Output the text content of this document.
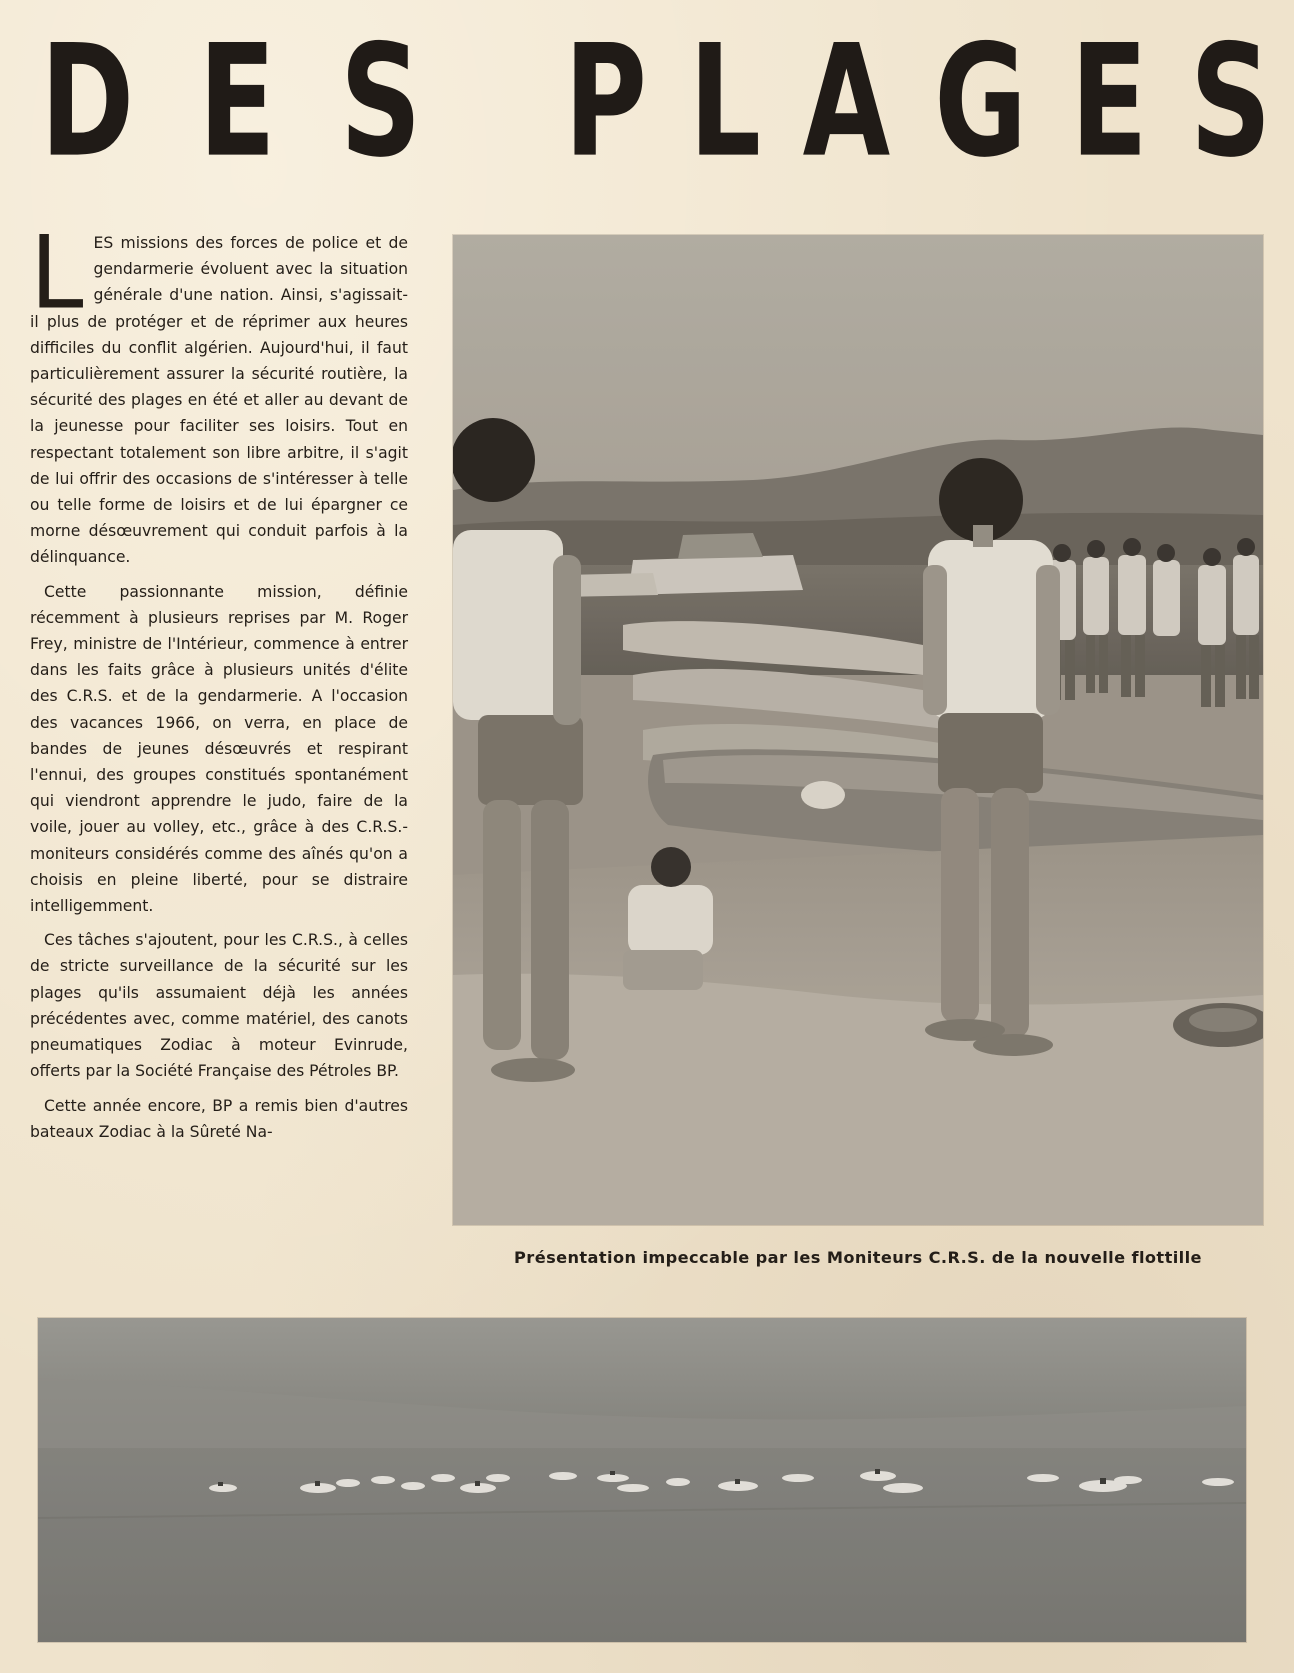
D E S P L A G E S

LES missions des forces de police et de gendarmerie évoluent avec la situation générale d'une nation. Ainsi, s'agissait-il plus de protéger et de réprimer aux heures difficiles du conflit algérien. Aujourd'hui, il faut particulièrement assurer la sécurité routière, la sécurité des plages en été et aller au devant de la jeunesse pour faciliter ses loisirs. Tout en respectant totalement son libre arbitre, il s'agit de lui offrir des occasions de s'intéresser à telle ou telle forme de loisirs et de lui épargner ce morne désœuvrement qui conduit parfois à la délinquance.

Cette passionnante mission, définie récemment à plusieurs reprises par M. Roger Frey, ministre de l'Intérieur, commence à entrer dans les faits grâce à plusieurs unités d'élite des C.R.S. et de la gendarmerie. A l'occasion des vacances 1966, on verra, en place de bandes de jeunes désœuvrés et respirant l'ennui, des groupes constitués spontanément qui viendront apprendre le judo, faire de la voile, jouer au volley, etc., grâce à des C.R.S.-moniteurs considérés comme des aînés qu'on a choisis en pleine liberté, pour se distraire intelligemment.

Ces tâches s'ajoutent, pour les C.R.S., à celles de stricte surveillance de la sécurité sur les plages qu'ils assumaient déjà les années précédentes avec, comme matériel, des canots pneumatiques Zodiac à moteur Evinrude, offerts par la Société Française des Pétroles BP.

Cette année encore, BP a remis bien d'autres bateaux Zodiac à la Sûreté Na-

Présentation impeccable par les Moniteurs C.R.S. de la nouvelle flottille
